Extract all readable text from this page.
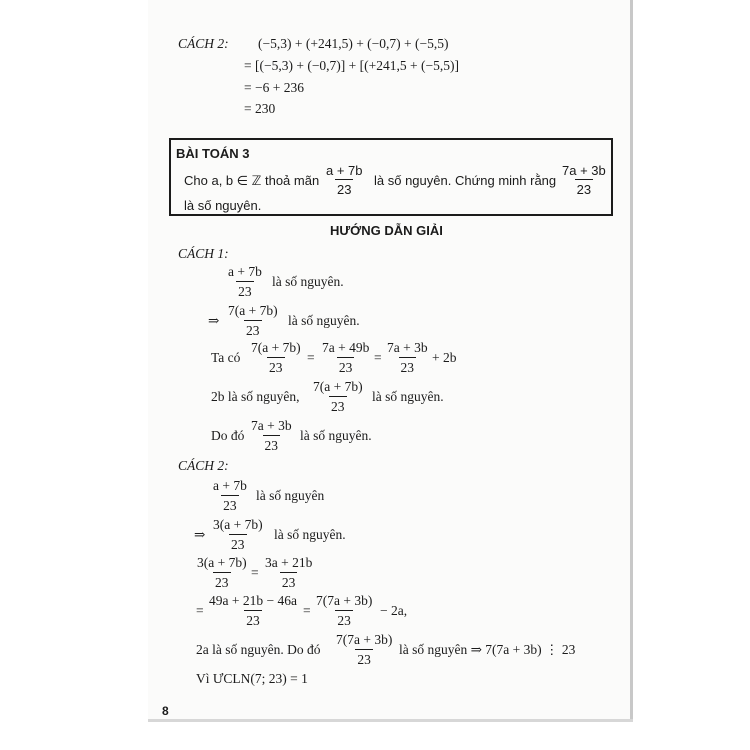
CÁCH 2: (−5,3) + (+241,5) + (−0,7) + (−5,5)
= [(−5,3) + (−0,7)] + [(+241,5 + (−5,5)]
= −6 + 236
= 230
BÀI TOÁN 3
Cho a, b ∈ ℤ thoả mãn $\frac{a + 7b}{23}$ là số nguyên. Chứng minh rằng $\frac{7a + 3b}{23}$
là số nguyên.
HƯỚNG DẪN GIẢI
CÁCH 1:
$\frac{a + 7b}{23}$ là số nguyên.
⇒ $\frac{7(a + 7b)}{23}$ là số nguyên.
Ta có $\frac{7(a + 7b)}{23} = \frac{7a + 49b}{23} = \frac{7a + 3b}{23} + 2b$
2b là số nguyên, $\frac{7(a + 7b)}{23}$ là số nguyên.
Do đó $\frac{7a + 3b}{23}$ là số nguyên.
CÁCH 2:
$\frac{a + 7b}{23}$ là số nguyên
⇒ $\frac{3(a + 7b)}{23}$ là số nguyên.
$\frac{3(a + 7b)}{23} = \frac{3a + 21b}{23}$
= $\frac{49a + 21b - 46a}{23} = \frac{7(7a + 3b)}{23} - 2a$,
2a là số nguyên. Do đó $\frac{7(7a + 3b)}{23}$ là số nguyên ⇒ 7(7a + 3b) ⋮ 23
Vì ƯCLN(7; 23) = 1
8
